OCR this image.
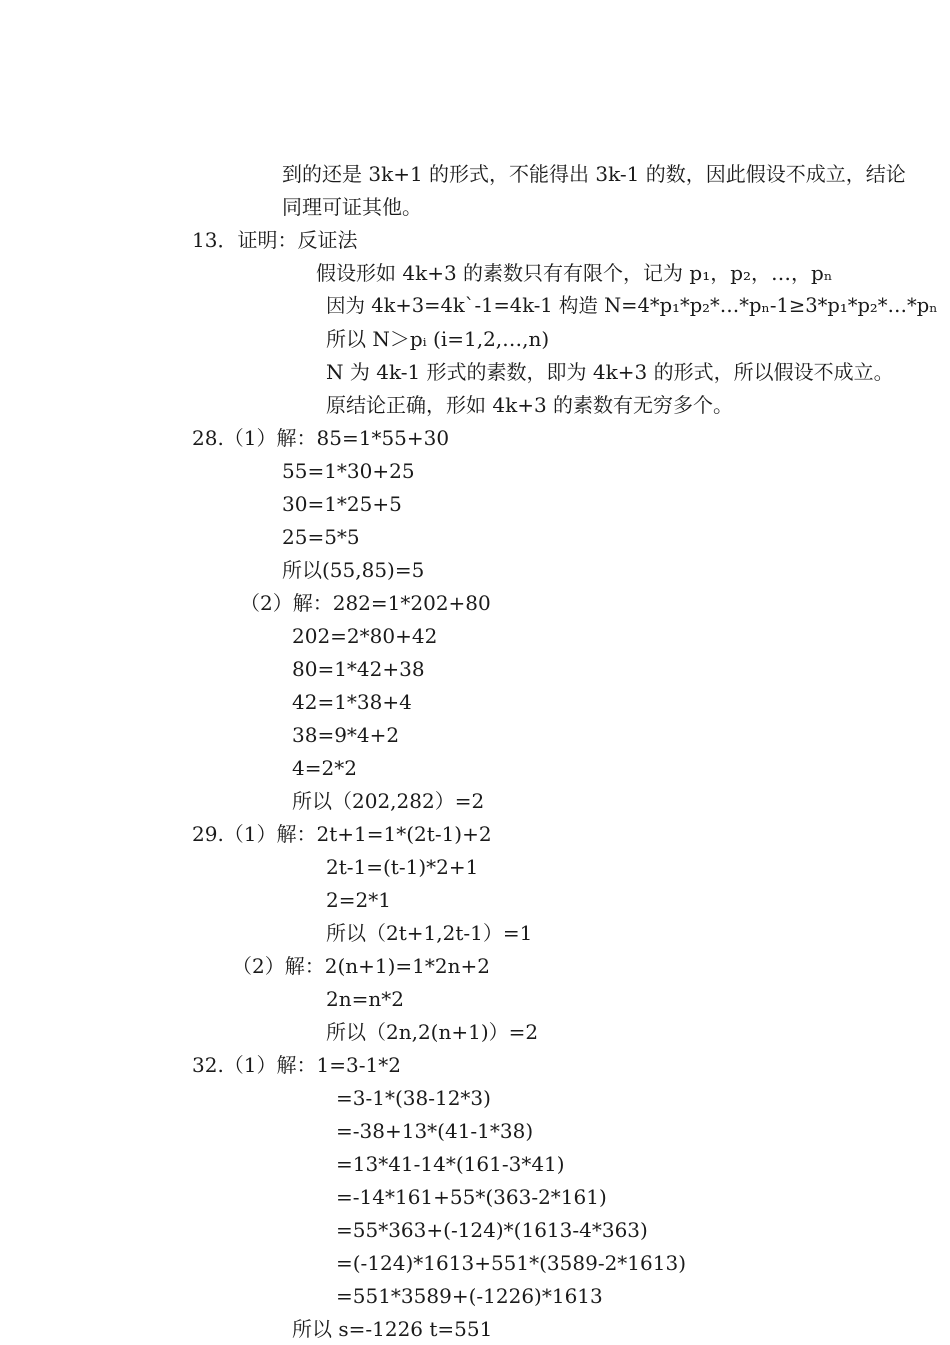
到的还是 3k+1 的形式，不能得出 3k-1 的数，因此假设不成立，结论
同理可证其他。
13．证明：反证法
假设形如 4k+3 的素数只有有限个，记为 p₁，p₂，…，pₙ
因为 4k+3=4k`-1=4k-1 构造 N=4*p₁*p₂*…*pₙ-1≥3*p₁*p₂*…*pₙ
所以 N＞pᵢ (i=1,2,…,n)
N 为 4k-1 形式的素数，即为 4k+3 的形式，所以假设不成立。
原结论正确，形如 4k+3 的素数有无穷多个。
28.（1）解：85=1*55+30
55=1*30+25
30=1*25+5
25=5*5
所以(55,85)=5
（2）解：282=1*202+80
202=2*80+42
80=1*42+38
42=1*38+4
38=9*4+2
4=2*2
所以（202,282）=2
29.（1）解：2t+1=1*(2t-1)+2
2t-1=(t-1)*2+1
2=2*1
所以（2t+1,2t-1）=1
（2）解：2(n+1)=1*2n+2
2n=n*2
所以（2n,2(n+1)）=2
32.（1）解：1=3-1*2
=3-1*(38-12*3)
=-38+13*(41-1*38)
=13*41-14*(161-3*41)
=-14*161+55*(363-2*161)
=55*363+(-124)*(1613-4*363)
=(-124)*1613+551*(3589-2*1613)
=551*3589+(-1226)*1613
所以 s=-1226 t=551
